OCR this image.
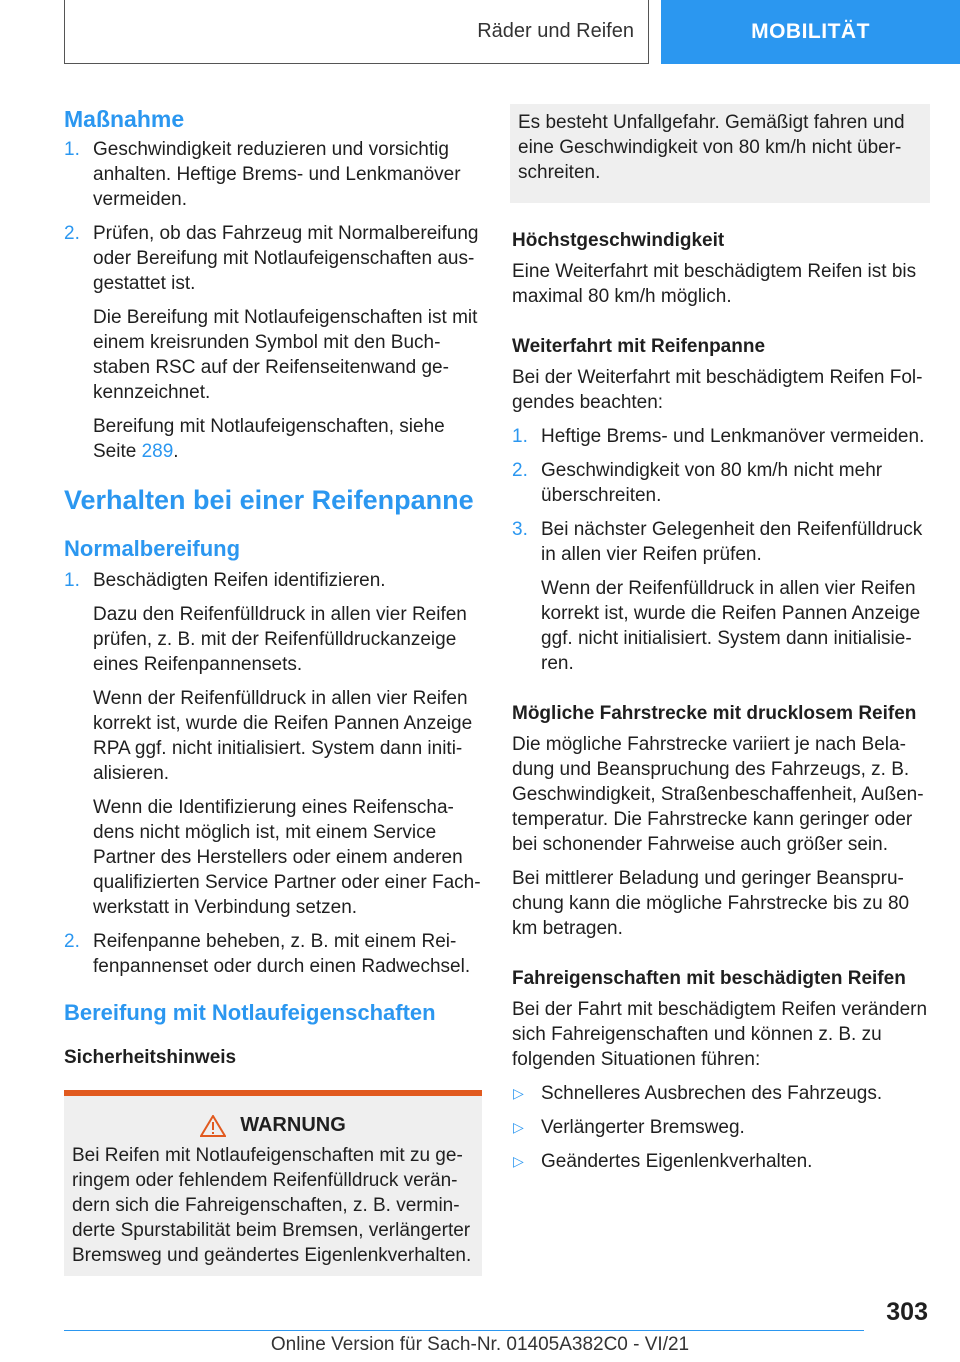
Räder und Reifen	MOBILITÄT
Maßnahme
1. Geschwindigkeit reduzieren und vorsichtig anhalten. Heftige Brems- und Lenkmanöver vermeiden.

2. Prüfen, ob das Fahrzeug mit Normalbereifung oder Bereifung mit Notlaufeigenschaften ausgestattet ist.

Die Bereifung mit Notlaufeigenschaften ist mit einem kreisrunden Symbol mit den Buchstaben RSC auf der Reifenseitenwand gekennzeichnet.

Bereifung mit Notlaufeigenschaften, siehe Seite 289.

Verhalten bei einer Reifenpanne
Normalbereifung
1. Beschädigten Reifen identifizieren.

Dazu den Reifenfülldruck in allen vier Reifen prüfen, z. B. mit der Reifenfülldruckanzeige eines Reifenpannensets.

Wenn der Reifenfülldruck in allen vier Reifen korrekt ist, wurde die Reifen Pannen Anzeige RPA ggf. nicht initialisiert. System dann initialisieren.

Wenn die Identifizierung eines Reifenschadens nicht möglich ist, mit einem Service Partner des Herstellers oder einem anderen qualifizierten Service Partner oder einer Fachwerkstatt in Verbindung setzen.

2. Reifenpanne beheben, z. B. mit einem Reifenpannenset oder durch einen Radwechsel.

Bereifung mit Notlaufeigenschaften
Sicherheitshinweis
WARNUNG

Bei Reifen mit Notlaufeigenschaften mit zu geringem oder fehlendem Reifenfülldruck verändern sich die Fahreigenschaften, z. B. verminderte Spurstabilität beim Bremsen, verlängerter Bremsweg und geändertes Eigenlenkverhalten.

Es besteht Unfallgefahr. Gemäßigt fahren und eine Geschwindigkeit von 80 km/h nicht überschreiten.

Höchstgeschwindigkeit

Eine Weiterfahrt mit beschädigtem Reifen ist bis maximal 80 km/h möglich.

Weiterfahrt mit Reifenpanne

Bei der Weiterfahrt mit beschädigtem Reifen Folgendes beachten:

1. Heftige Brems- und Lenkmanöver vermeiden.

2. Geschwindigkeit von 80 km/h nicht mehr überschreiten.

3. Bei nächster Gelegenheit den Reifenfülldruck in allen vier Reifen prüfen.

Wenn der Reifenfülldruck in allen vier Reifen korrekt ist, wurde die Reifen Pannen Anzeige ggf. nicht initialisiert. System dann initialisieren.

Mögliche Fahrstrecke mit drucklosem Reifen

Die mögliche Fahrstrecke variiert je nach Beladung und Beanspruchung des Fahrzeugs, z. B. Geschwindigkeit, Straßenbeschaffenheit, Außentemperatur. Die Fahrstrecke kann geringer oder bei schonender Fahrweise auch größer sein.

Bei mittlerer Beladung und geringer Beanspruchung kann die mögliche Fahrstrecke bis zu 80 km betragen.

Fahreigenschaften mit beschädigten Reifen

Bei der Fahrt mit beschädigtem Reifen verändern sich Fahreigenschaften und können z. B. zu folgenden Situationen führen:

▷ Schnelleres Ausbrechen des Fahrzeugs.

▷ Verlängerter Bremsweg.

▷ Geändertes Eigenlenkverhalten.

303
Online Version für Sach-Nr. 01405A382C0 - VI/21
